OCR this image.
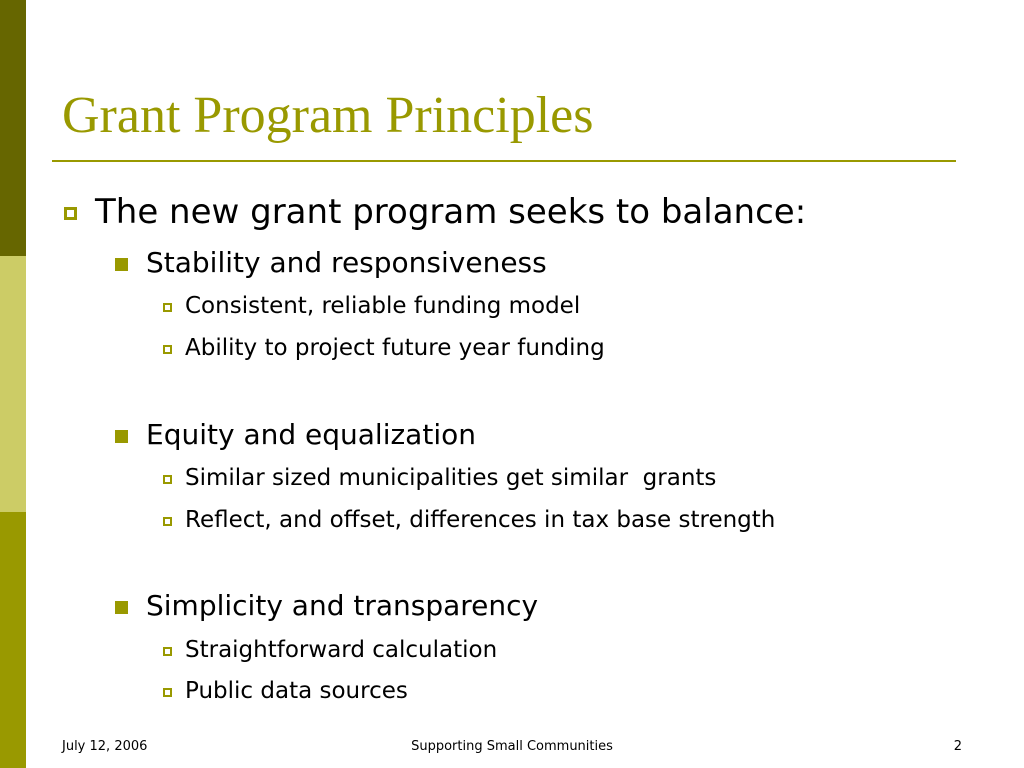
Grant Program Principles
The new grant program seeks to balance:
Stability and responsiveness
Consistent, reliable funding model
Ability to project future year funding
Equity and equalization
Similar sized municipalities get similar  grants
Reflect, and offset, differences in tax base strength
Simplicity and transparency
Straightforward calculation
Public data sources
July 12, 2006	Supporting Small Communities	2
